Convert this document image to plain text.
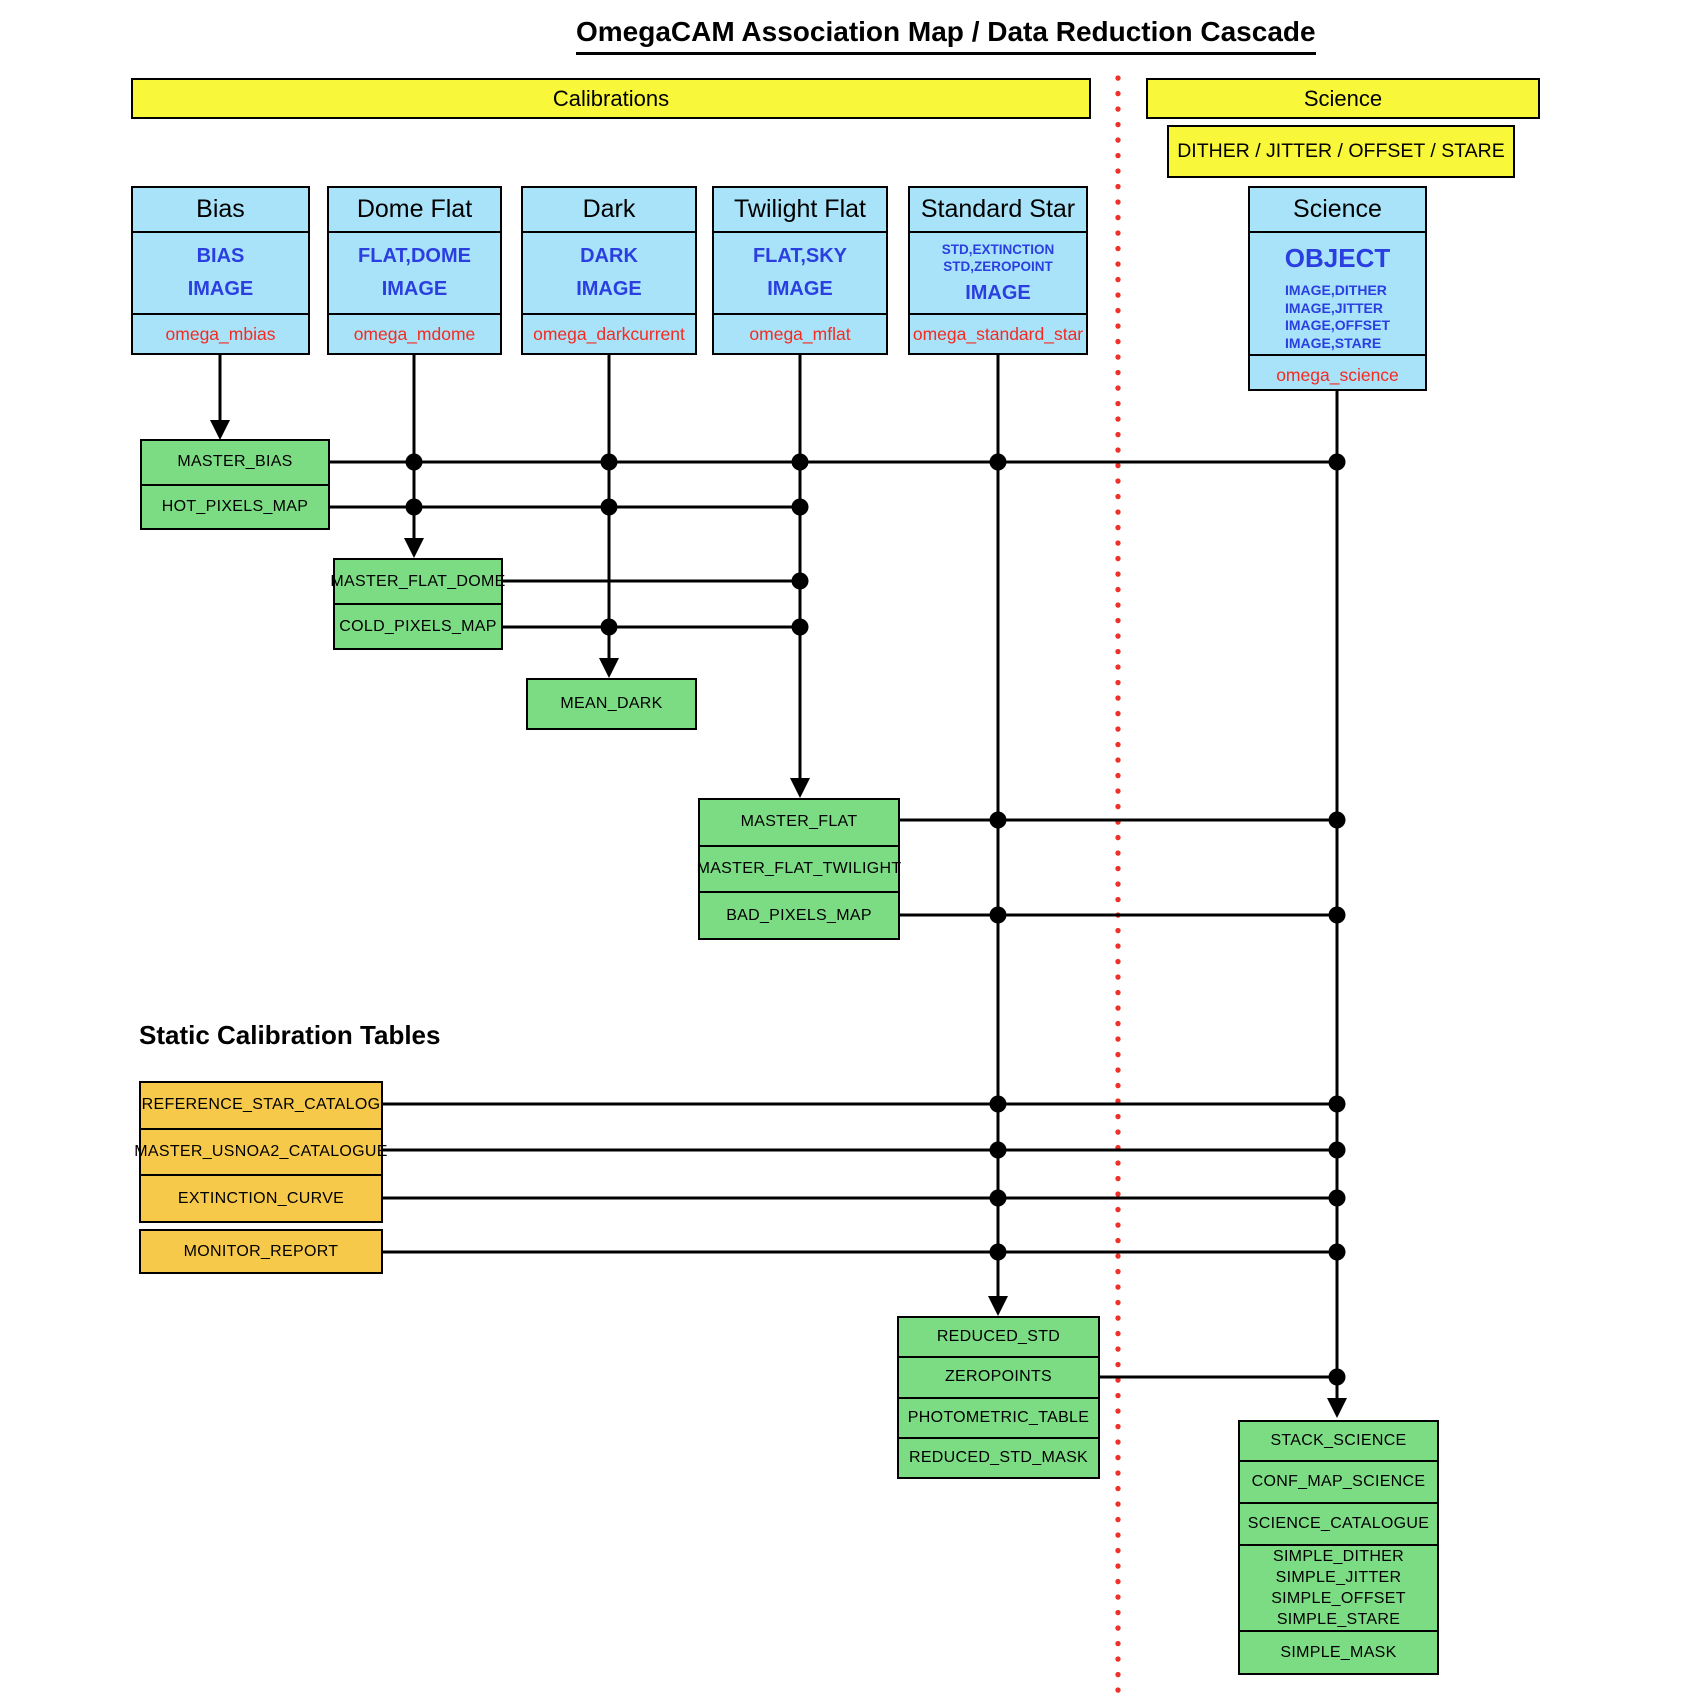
OmegaCAM Association Map / Data Reduction Cascade
Calibrations	Science
DITHER / JITTER / OFFSET / STARE
Bias
BIAS
IMAGE
omega_mbias
Dome Flat
FLAT,DOME
IMAGE
omega_mdome
Dark
DARK
IMAGE
omega_darkcurrent
Twilight Flat
FLAT,SKY
IMAGE
omega_mflat
Standard Star
STD,EXTINCTION
STD,ZEROPOINT
IMAGE
omega_standard_star
Science
OBJECT
IMAGE,DITHER
IMAGE,JITTER
IMAGE,OFFSET
IMAGE,STARE
omega_science
MASTER_BIAS
HOT_PIXELS_MAP
MASTER_FLAT_DOME
COLD_PIXELS_MAP
MEAN_DARK
MASTER_FLAT
MASTER_FLAT_TWILIGHT
BAD_PIXELS_MAP
REDUCED_STD
ZEROPOINTS
PHOTOMETRIC_TABLE
REDUCED_STD_MASK
STACK_SCIENCE
CONF_MAP_SCIENCE
SCIENCE_CATALOGUE
SIMPLE_DITHER
SIMPLE_JITTER
SIMPLE_OFFSET
SIMPLE_STARE
SIMPLE_MASK
Static Calibration Tables
REFERENCE_STAR_CATALOG
MASTER_USNOA2_CATALOGUE
EXTINCTION_CURVE
MONITOR_REPORT
